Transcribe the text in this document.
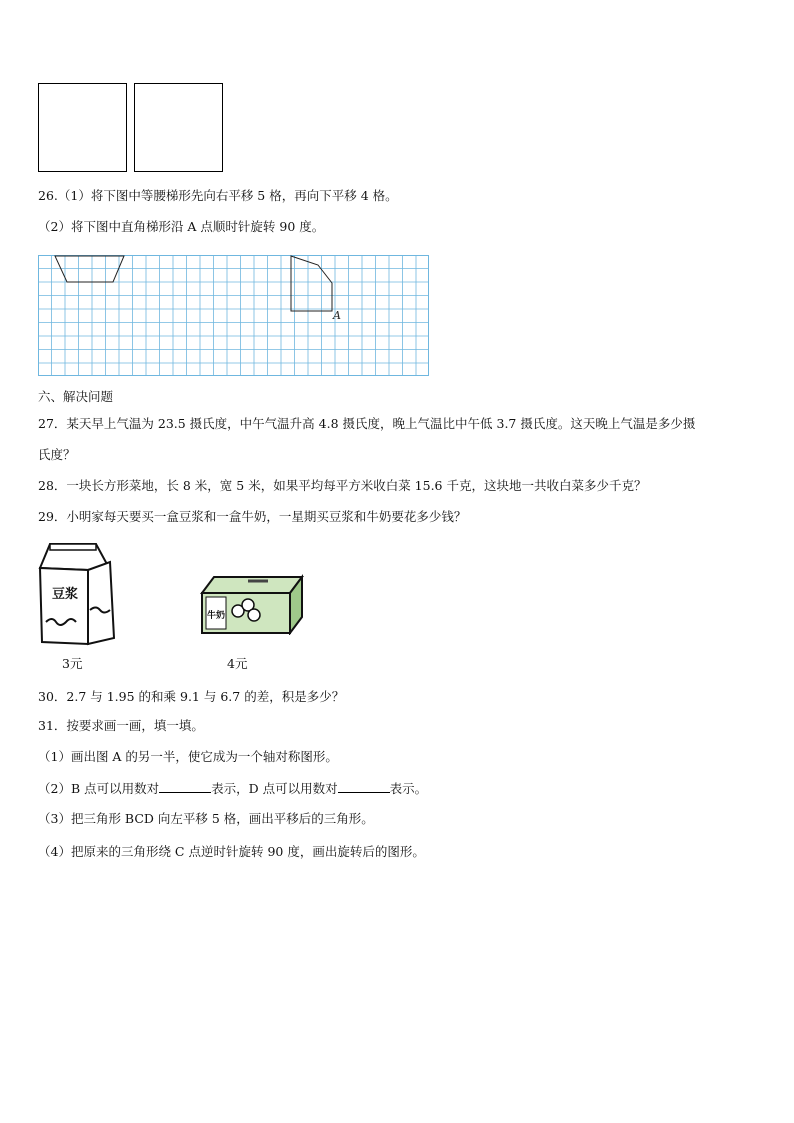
26.（1）将下图中等腰梯形先向右平移 5 格，再向下平移 4 格。
（2）将下图中直角梯形沿 A 点顺时针旋转 90 度。
A
六、解决问题
27．某天早上气温为 23.5 摄氏度，中午气温升高 4.8 摄氏度，晚上气温比中午低 3.7 摄氏度。这天晚上气温是多少摄
氏度？
28．一块长方形菜地，长 8 米，宽 5 米，如果平均每平方米收白菜 15.6 千克，这块地一共收白菜多少千克？
29．小明家每天要买一盒豆浆和一盒牛奶，一星期买豆浆和牛奶要花多少钱？
豆浆
3元
牛奶
4元
30．2.7 与 1.95 的和乘 9.1 与 6.7 的差，积是多少？
31．按要求画一画，填一填。
（1）画出图 A 的另一半，使它成为一个轴对称图形。
（2）B 点可以用数对	表示，D 点可以用数对	表示。
（3）把三角形 BCD 向左平移 5 格，画出平移后的三角形。
（4）把原来的三角形绕 C 点逆时针旋转 90 度，画出旋转后的图形。
